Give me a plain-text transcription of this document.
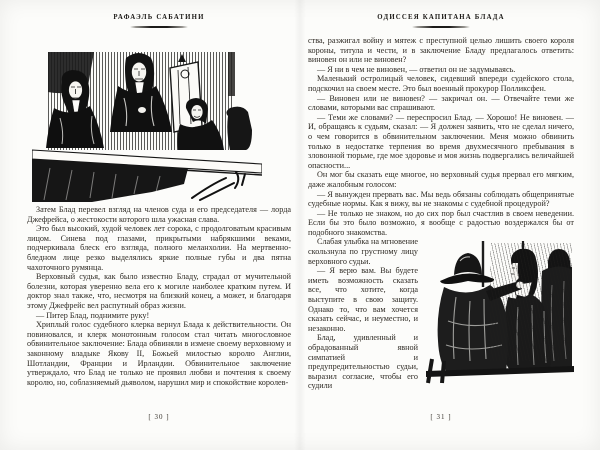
РАФАЭЛЬ САБАТИНИ

Затем Блад перевел взгляд на членов суда и его председателя — лорда Джефрейса, о жестокости которого шла ужасная слава.

Это был высокий, худой человек лет сорока, с продолговатым красивым лицом. Синева под глазами, прикрытыми набрякшими веками, подчеркивала блеск его взгляда, полного меланхолии. На мертвенно-бледном лице резко выделялись яркие полные губы и два пятна чахоточного румянца.

Верховный судья, как было известно Бладу, страдал от мучительной болезни, которая уверенно вела его к могиле наиболее кратким путем. И доктор знал также, что, несмотря на близкий конец, а может, и благодаря этому Джефрейс вел распутный образ жизни.

— Питер Блад, поднимите руку!

Хриплый голос судебного клерка вернул Блада к действительности. Он повиновался, и клерк монотонным голосом стал читать многословное обвинительное заключение: Блада обвиняли в измене своему верховному и законному владыке Якову II, Божьей милостью королю Англии, Шотландии, Франции и Ирландии. Обвинительное заключение утверждало, что Блад не только не проявил любви и почтения к своему королю, но, соблазняемый дьяволом, нарушил мир и спокойствие королев-

[ 30 ]
ОДИССЕЯ КАПИТАНА БЛАДА

ства, разжигал войну и мятеж с преступной целью лишить своего короля короны, титула и чести, и в заключение Бладу предлагалось ответить: виновен он или не виновен?

— Я ни в чем не виновен, — ответил он не задумываясь.

Маленький остролицый человек, сидевший впереди судейского стола, подскочил на своем месте. Это был военный прокурор Полликсфен.

— Виновен или не виновен? — закричал он. — Отвечайте теми же словами, которыми вас спрашивают.

— Теми же словами? — переспросил Блад. — Хорошо! Не виновен. — И, обращаясь к судьям, сказал: — Я должен заявить, что не сделал ничего, о чем говорится в обвинительном заключении. Меня можно обвинить только в недостатке терпения во время двухмесячного пребывания в зловонной тюрьме, где мое здоровье и моя жизнь подвергались величайшей опасности...

Он мог бы сказать еще многое, но верховный судья прервал его мягким, даже жалобным голосом:

— Я вынужден прервать вас. Мы ведь обязаны соблюдать общепринятые судебные нормы. Как я вижу, вы не знакомы с судебной процедурой?

— Не только не знаком, но до сих пор был счастлив в своем неведении. Если бы это было возможно, я вообще с радостью воздержался бы от подобного знакомства.

Слабая улыбка на мгновение скользнула по грустному лицу верховного судьи.

— Я верю вам. Вы будете иметь возможность сказать все, что хотите, когда выступите в свою защиту. Однако то, что вам хочется сказать сейчас, и неуместно, и незаконно.

Блад, удивленный и обрадованный явной симпатией и предупредительностью судьи, выразил согласие, чтобы его судили

[ 31 ]
